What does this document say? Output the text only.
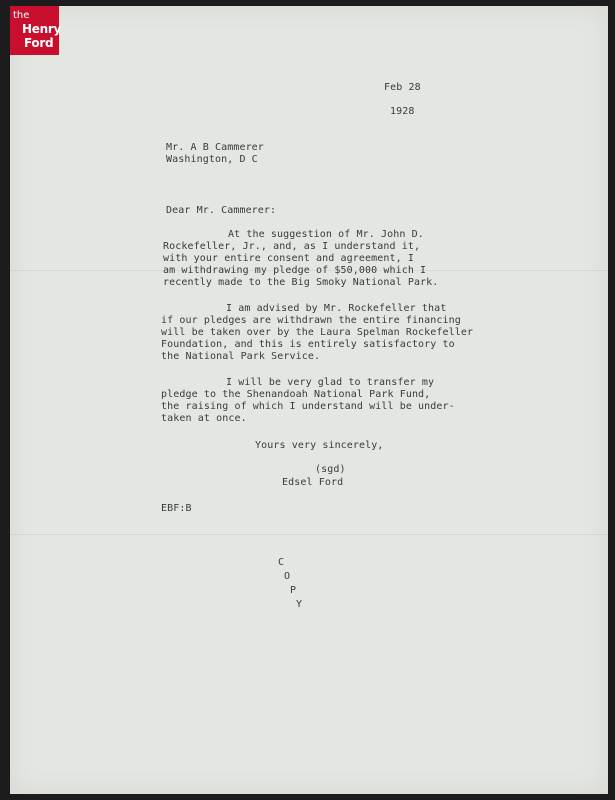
the
Henry
Ford
Feb 28
1928
Mr. A B Cammerer
Washington, D C
Dear Mr. Cammerer:
At the suggestion of Mr. John D.
Rockefeller, Jr., and, as I understand it,
with your entire consent and agreement, I
am withdrawing my pledge of $50,000 which I
recently made to the Big Smoky National Park.
I am advised by Mr. Rockefeller that
if our pledges are withdrawn the entire financing
will be taken over by the Laura Spelman Rockefeller
Foundation, and this is entirely satisfactory to
the National Park Service.
I will be very glad to transfer my
pledge to the Shenandoah National Park Fund,
the raising of which I understand will be under-
taken at once.
Yours very sincerely,
(sgd)
Edsel Ford
EBF:B
C
O
P
Y
